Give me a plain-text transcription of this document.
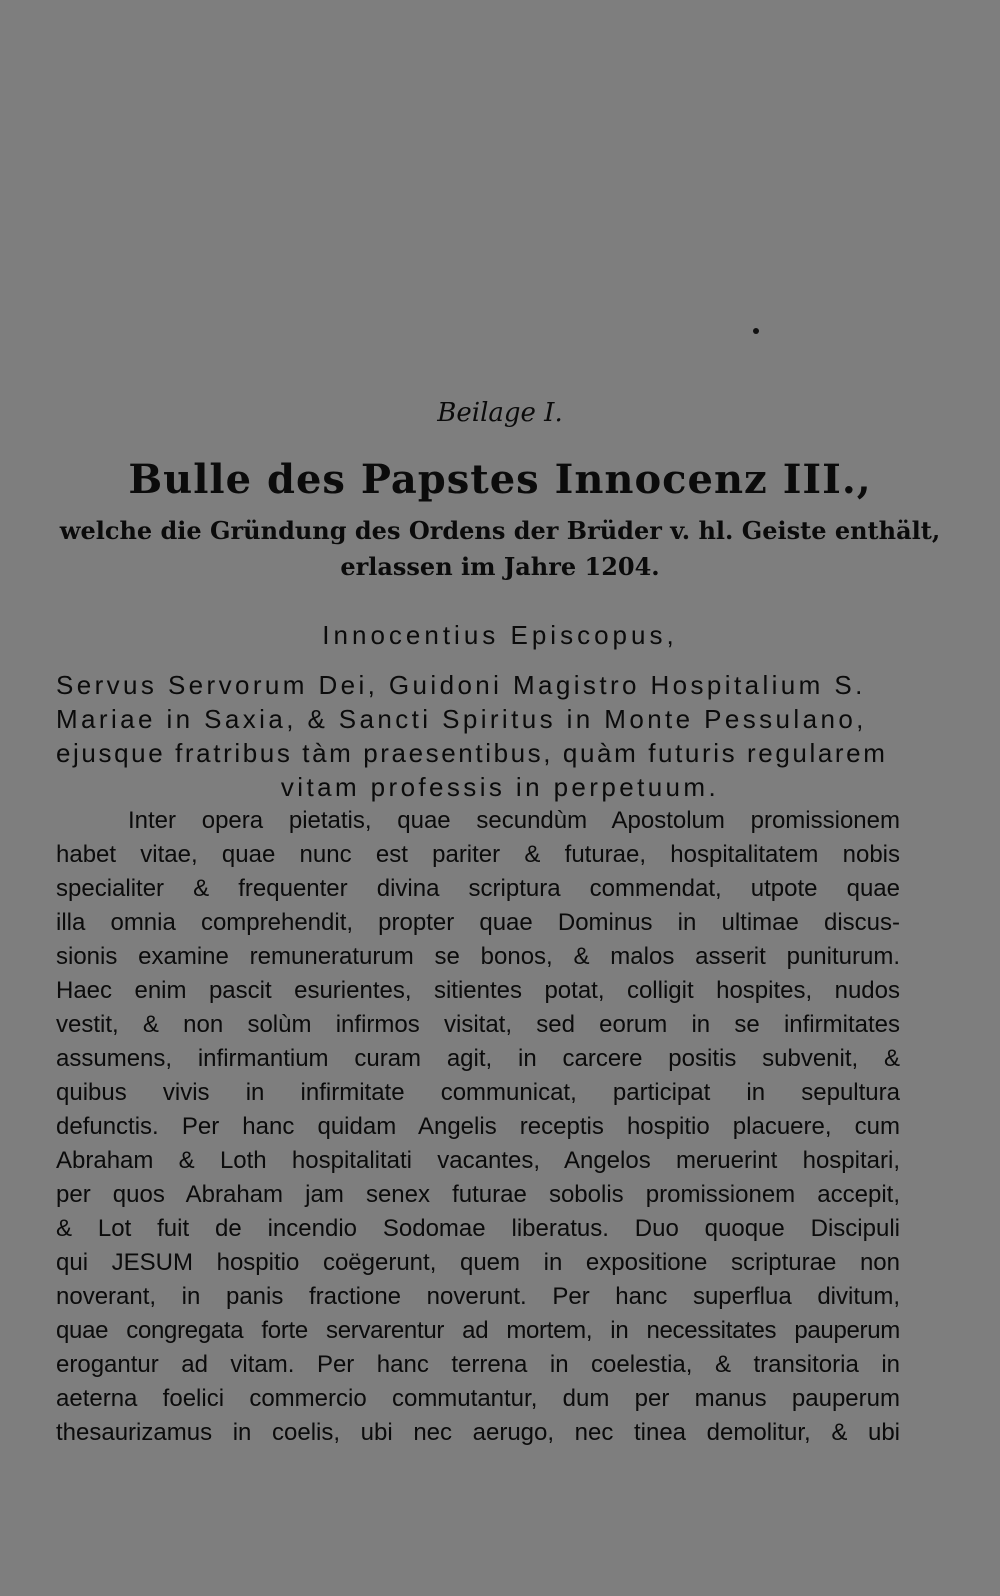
Beilage I.
Bulle des Papstes Innocenz III.,
welche die Gründung des Ordens der Brüder v. hl. Geiste enthält,
erlassen im Jahre 1204.
Innocentius Episcopus,
Servus Servorum Dei, Guidoni Magistro Hospitalium S.
Mariae in Saxia, & Sancti Spiritus in Monte Pessulano,
ejusque fratribus tàm praesentibus, quàm futuris regularem
vitam professis in perpetuum.
Inter opera pietatis, quae secundùm Apostolum promissionem
habet vitae, quae nunc est pariter & futurae, hospitalitatem nobis
specialiter & frequenter divina scriptura commendat, utpote quae
illa omnia comprehendit, propter quae Dominus in ultimae discus-
sionis examine remuneraturum se bonos, & malos asserit puniturum.
Haec enim pascit esurientes, sitientes potat, colligit hospites, nudos
vestit, & non solùm infirmos visitat, sed eorum in se infirmitates
assumens, infirmantium curam agit, in carcere positis subvenit, &
quibus vivis in infirmitate communicat, participat in sepultura
defunctis. Per hanc quidam Angelis receptis hospitio placuere, cum
Abraham & Loth hospitalitati vacantes, Angelos meruerint hospitari,
per quos Abraham jam senex futurae sobolis promissionem accepit,
& Lot fuit de incendio Sodomae liberatus. Duo quoque Discipuli
qui JESUM hospitio coëgerunt, quem in expositione scripturae non
noverant, in panis fractione noverunt. Per hanc superflua divitum,
quae congregata forte servarentur ad mortem, in necessitates pauperum
erogantur ad vitam. Per hanc terrena in coelestia, & transitoria in
aeterna foelici commercio commutantur, dum per manus pauperum
thesaurizamus in coelis, ubi nec aerugo, nec tinea demolitur, & ubi
